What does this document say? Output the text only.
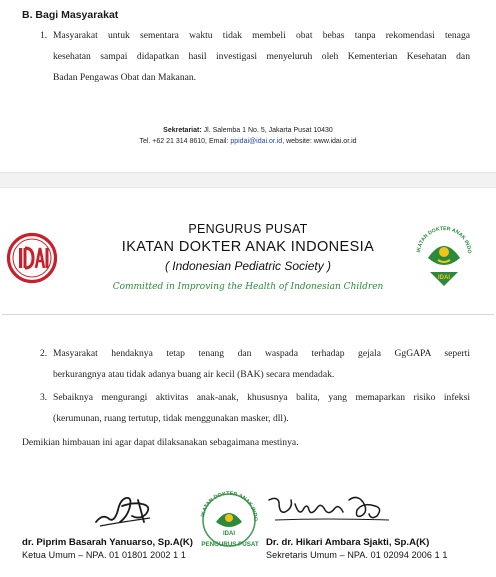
B. Bagi Masyarakat
1. Masyarakat untuk sementara waktu tidak membeli obat bebas tanpa rekomendasi tenaga
kesehatan sampai didapatkan hasil investigasi menyeluruh oleh Kementerian Kesehatan dan
Badan Pengawas Obat dan Makanan.
Sekretariat: Jl. Salemba 1 No. 5, Jakarta Pusat 10430
Tel. +62 21 314 8610, Email: ppidai@idai.or.id, website: www.idai.or.id
PENGURUS PUSAT
IKATAN DOKTER ANAK INDONESIA
( Indonesian Pediatric Society )
Committed in Improving the Health of Indonesian Children
IKATAN DOKTER ANAK INDO
IDAI
2. Masyarakat hendaknya tetap tenang dan waspada terhadap gejala GgGAPA seperti
berkurangnya atau tidak adanya buang air kecil (BAK) secara mendadak.
3. Sebaiknya mengurangi aktivitas anak-anak, khususnya balita, yang memaparkan risiko infeksi
(kerumunan, ruang tertutup, tidak menggunakan masker, dll).
Demikian himbauan ini agar dapat dilaksanakan sebagaimana mestinya.
IKATAN DOKTER ANAK INDO
IDAI
PENGURUS PUSAT
dr. Piprim Basarah Yanuarso, Sp.A(K)
Ketua Umum – NPA. 01 01801 2002 1 1
Dr. dr. Hikari Ambara Sjakti, Sp.A(K)
Sekretaris Umum – NPA. 01 02094 2006 1 1
